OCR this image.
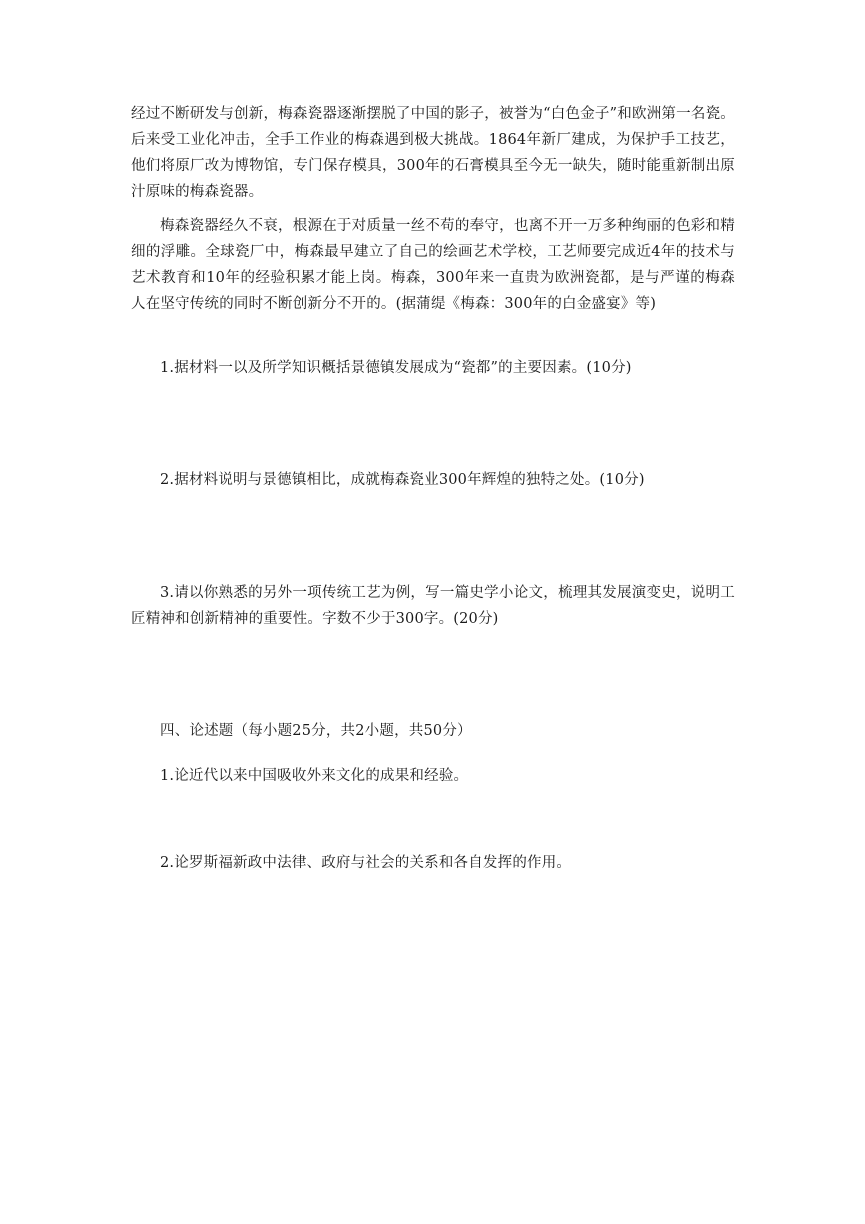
经过不断研发与创新，梅森瓷器逐渐摆脱了中国的影子，被誉为“白色金子”和欧洲第一名瓷。后来受工业化冲击，全手工作业的梅森遇到极大挑战。1864年新厂建成，为保护手工技艺，他们将原厂改为博物馆，专门保存模具，300年的石膏模具至今无一缺失，随时能重新制出原汁原味的梅森瓷器。

梅森瓷器经久不衰，根源在于对质量一丝不苟的奉守，也离不开一万多种绚丽的色彩和精细的浮雕。全球瓷厂中，梅森最早建立了自己的绘画艺术学校，工艺师要完成近4年的技术与艺术教育和10年的经验积累才能上岗。梅森，300年来一直贵为欧洲瓷都，是与严谨的梅森人在坚守传统的同时不断创新分不开的。(据蒲缇《梅森：300年的白金盛宴》等)

1.据材料一以及所学知识概括景德镇发展成为“瓷都”的主要因素。(10分)

2.据材料说明与景德镇相比，成就梅森瓷业300年辉煌的独特之处。(10分)

3.请以你熟悉的另外一项传统工艺为例，写一篇史学小论文，梳理其发展演变史，说明工匠精神和创新精神的重要性。字数不少于300字。(20分)

四、论述题（每小题25分，共2小题，共50分）

1.论近代以来中国吸收外来文化的成果和经验。

2.论罗斯福新政中法律、政府与社会的关系和各自发挥的作用。
